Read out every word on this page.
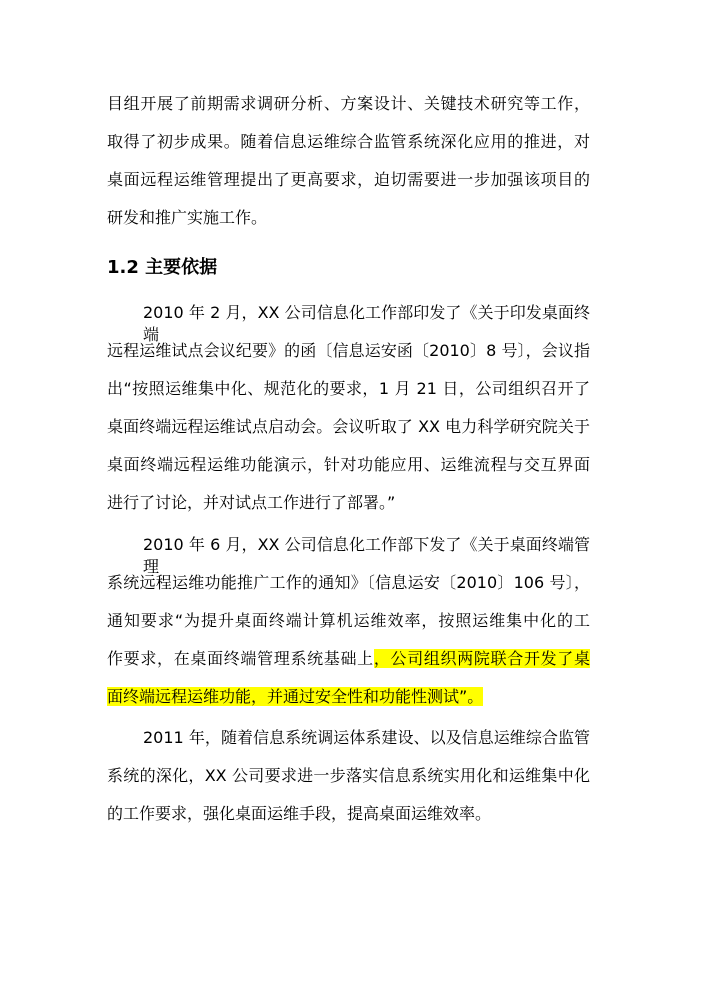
目组开展了前期需求调研分析、方案设计、关键技术研究等工作，
取得了初步成果。随着信息运维综合监管系统深化应用的推进，对
桌面远程运维管理提出了更高要求，迫切需要进一步加强该项目的
研发和推广实施工作。
1.2 主要依据
2010 年 2 月，XX 公司信息化工作部印发了《关于印发桌面终端
远程运维试点会议纪要》的函〔信息运安函〔2010〕8 号〕，会议指
出“按照运维集中化、规范化的要求，1 月 21 日，公司组织召开了
桌面终端远程运维试点启动会。会议听取了 XX 电力科学研究院关于
桌面终端远程运维功能演示，针对功能应用、运维流程与交互界面
进行了讨论，并对试点工作进行了部署。”
2010 年 6 月，XX 公司信息化工作部下发了《关于桌面终端管理
系统远程运维功能推广工作的通知》〔信息运安〔2010〕106 号〕，
通知要求“为提升桌面终端计算机运维效率，按照运维集中化的工
作要求，在桌面终端管理系统基础上，公司组织两院联合开发了桌
面终端远程运维功能，并通过安全性和功能性测试”。
2011 年，随着信息系统调运体系建设、以及信息运维综合监管
系统的深化，XX 公司要求进一步落实信息系统实用化和运维集中化
的工作要求，强化桌面运维手段，提高桌面运维效率。
